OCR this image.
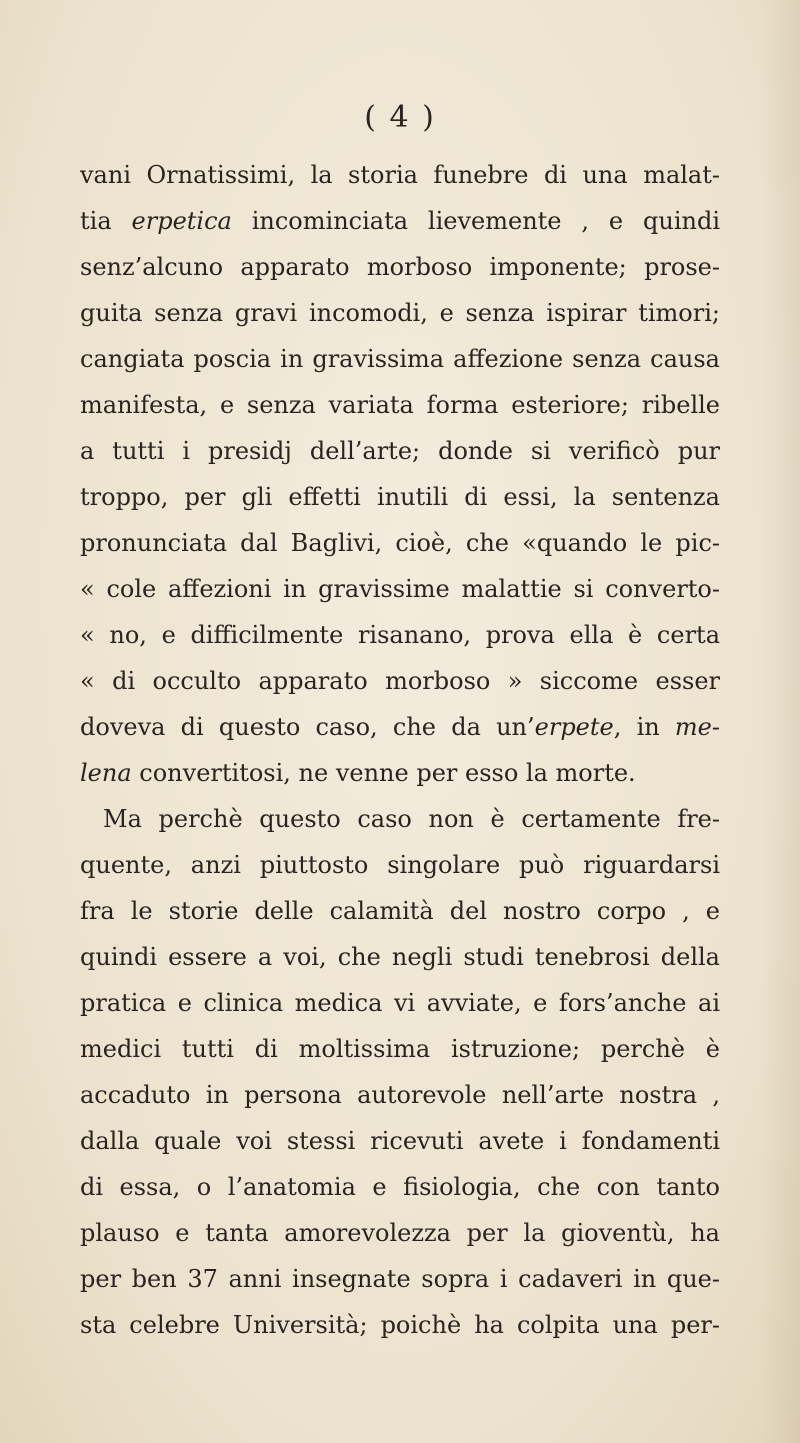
( 4 )
vani Ornatissimi, la storia funebre di una malat-
tia erpetica incominciata lievemente , e quindi
senz’alcuno apparato morboso imponente; prose-
guita senza gravi incomodi, e senza ispirar timori;
cangiata poscia in gravissima affezione senza causa
manifesta, e senza variata forma esteriore; ribelle
a tutti i presidj dell’arte; donde si verificò pur
troppo, per gli effetti inutili di essi, la sentenza
pronunciata dal Baglivi, cioè, che «quando le pic-
« cole affezioni in gravissime malattie si converto-
« no, e difficilmente risanano, prova ella è certa
« di occulto apparato morboso » siccome esser
doveva di questo caso, che da un’erpete, in me-
lena convertitosi, ne venne per esso la morte.
Ma perchè questo caso non è certamente fre-
quente, anzi piuttosto singolare può riguardarsi
fra le storie delle calamità del nostro corpo , e
quindi essere a voi, che negli studi tenebrosi della
pratica e clinica medica vi avviate, e fors’anche ai
medici tutti di moltissima istruzione; perchè è
accaduto in persona autorevole nell’arte nostra ,
dalla quale voi stessi ricevuti avete i fondamenti
di essa, o l’anatomia e fisiologia, che con tanto
plauso e tanta amorevolezza per la gioventù, ha
per ben 37 anni insegnate sopra i cadaveri in que-
sta celebre Università; poichè ha colpita una per-
